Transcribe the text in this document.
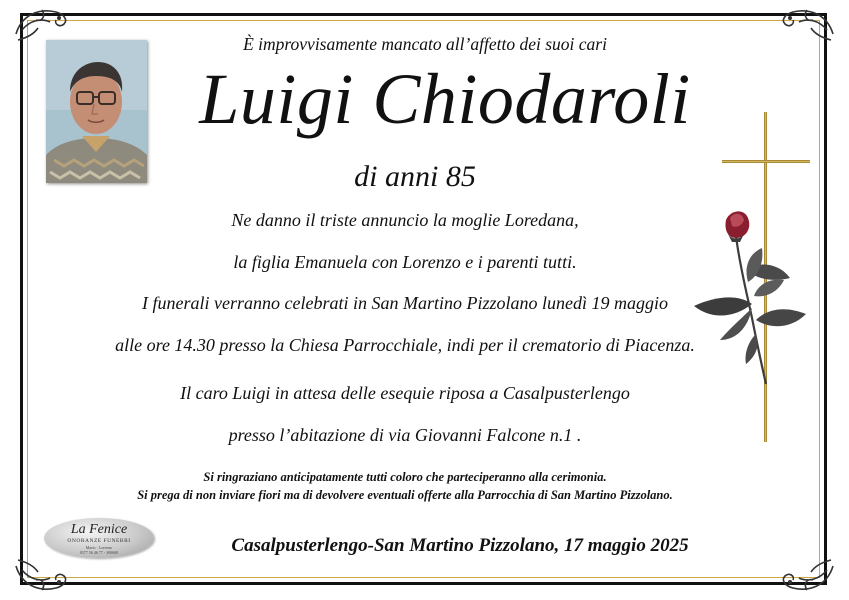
È improvvisamente mancato all’affetto dei suoi cari
Luigi Chiodaroli
di anni 85
Ne danno il triste annuncio la moglie Loredana,
la figlia Emanuela con Lorenzo e i parenti tutti.
I funerali verranno celebrati in San Martino Pizzolano lunedì 19 maggio
alle ore 14.30 presso la Chiesa Parrocchiale, indi per il crematorio di Piacenza.
Il caro Luigi in attesa delle esequie riposa a Casalpusterlengo
presso l’abitazione di via Giovanni Falcone n.1 .
Si ringraziano anticipatamente tutti coloro che parteciperanno alla cerimonia.
Si prega di non inviare fiori ma di devolvere eventuali offerte alla Parrocchia di San Martino Pizzolano.
Casalpusterlengo-San Martino Pizzolano, 17 maggio 2025
La Fenice
ONORANZE FUNEBRI
Mario · Lorenzo
0377 56 46 77 - 300600
